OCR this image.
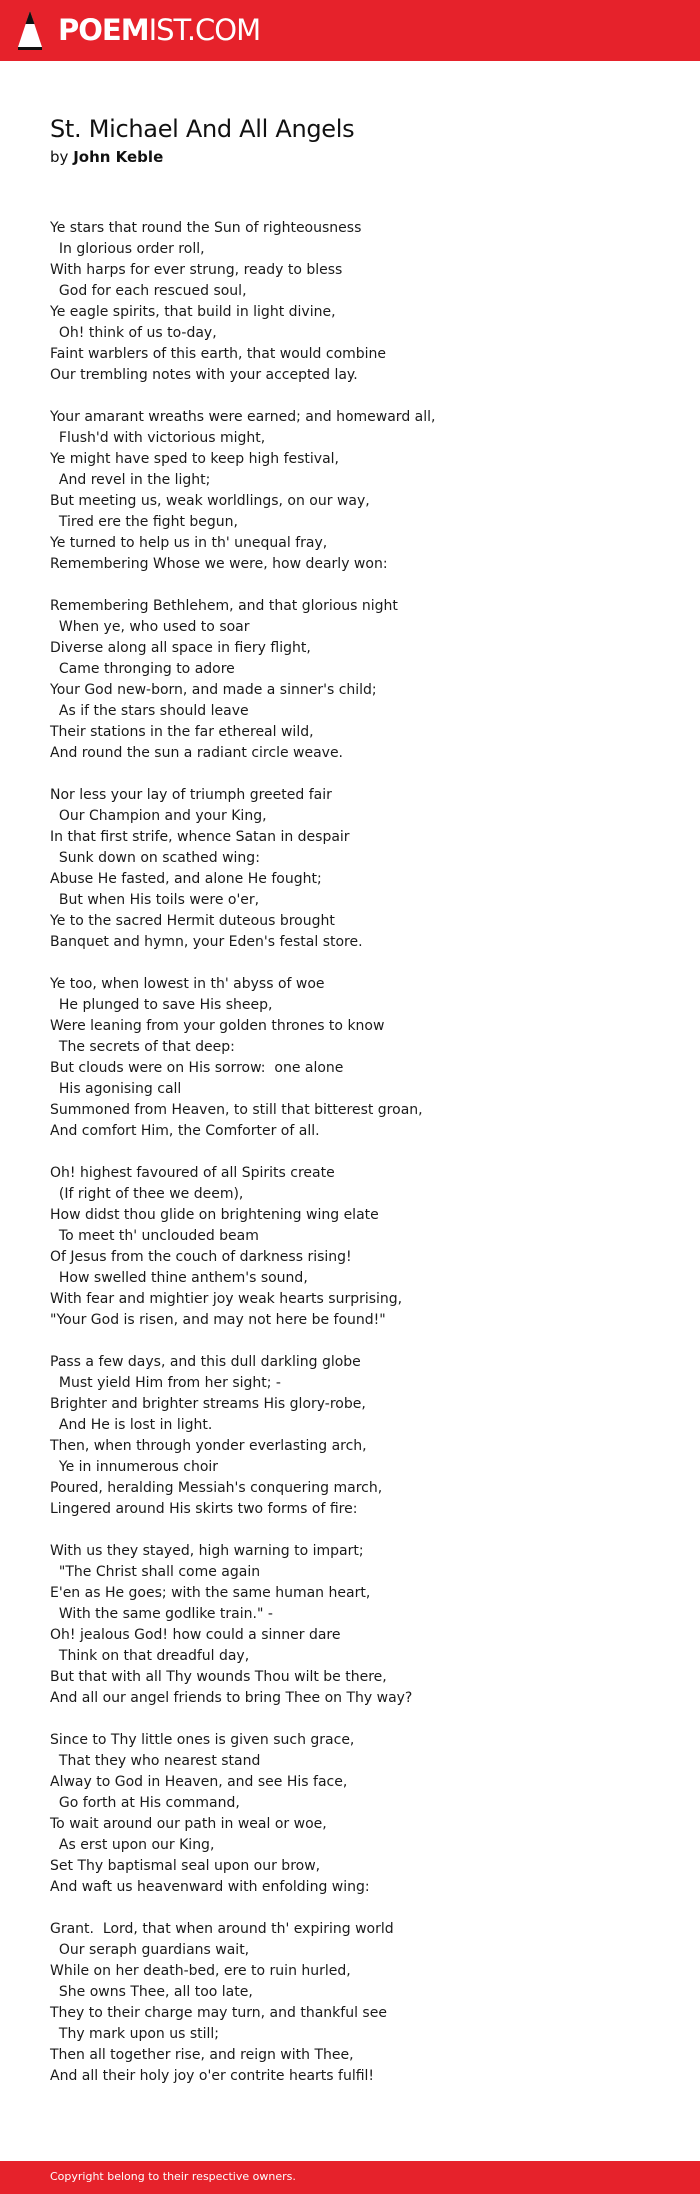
POEMIST.COM
St. Michael And All Angels
by John Keble
Ye stars that round the Sun of righteousness
In glorious order roll,
With harps for ever strung, ready to bless
God for each rescued soul,
Ye eagle spirits, that build in light divine,
Oh! think of us to-day,
Faint warblers of this earth, that would combine
Our trembling notes with your accepted lay.
Your amarant wreaths were earned; and homeward all,
Flush'd with victorious might,
Ye might have sped to keep high festival,
And revel in the light;
But meeting us, weak worldlings, on our way,
Tired ere the fight begun,
Ye turned to help us in th' unequal fray,
Remembering Whose we were, how dearly won:
Remembering Bethlehem, and that glorious night
When ye, who used to soar
Diverse along all space in fiery flight,
Came thronging to adore
Your God new-born, and made a sinner's child;
As if the stars should leave
Their stations in the far ethereal wild,
And round the sun a radiant circle weave.
Nor less your lay of triumph greeted fair
Our Champion and your King,
In that first strife, whence Satan in despair
Sunk down on scathed wing:
Abuse He fasted, and alone He fought;
But when His toils were o'er,
Ye to the sacred Hermit duteous brought
Banquet and hymn, your Eden's festal store.
Ye too, when lowest in th' abyss of woe
He plunged to save His sheep,
Were leaning from your golden thrones to know
The secrets of that deep:
But clouds were on His sorrow:  one alone
His agonising call
Summoned from Heaven, to still that bitterest groan,
And comfort Him, the Comforter of all.
Oh! highest favoured of all Spirits create
(If right of thee we deem),
How didst thou glide on brightening wing elate
To meet th' unclouded beam
Of Jesus from the couch of darkness rising!
How swelled thine anthem's sound,
With fear and mightier joy weak hearts surprising,
"Your God is risen, and may not here be found!"
Pass a few days, and this dull darkling globe
Must yield Him from her sight; -
Brighter and brighter streams His glory-robe,
And He is lost in light.
Then, when through yonder everlasting arch,
Ye in innumerous choir
Poured, heralding Messiah's conquering march,
Lingered around His skirts two forms of fire:
With us they stayed, high warning to impart;
"The Christ shall come again
E'en as He goes; with the same human heart,
With the same godlike train." -
Oh! jealous God! how could a sinner dare
Think on that dreadful day,
But that with all Thy wounds Thou wilt be there,
And all our angel friends to bring Thee on Thy way?
Since to Thy little ones is given such grace,
That they who nearest stand
Alway to God in Heaven, and see His face,
Go forth at His command,
To wait around our path in weal or woe,
As erst upon our King,
Set Thy baptismal seal upon our brow,
And waft us heavenward with enfolding wing:
Grant.  Lord, that when around th' expiring world
Our seraph guardians wait,
While on her death-bed, ere to ruin hurled,
She owns Thee, all too late,
They to their charge may turn, and thankful see
Thy mark upon us still;
Then all together rise, and reign with Thee,
And all their holy joy o'er contrite hearts fulfil!
Copyright belong to their respective owners.
